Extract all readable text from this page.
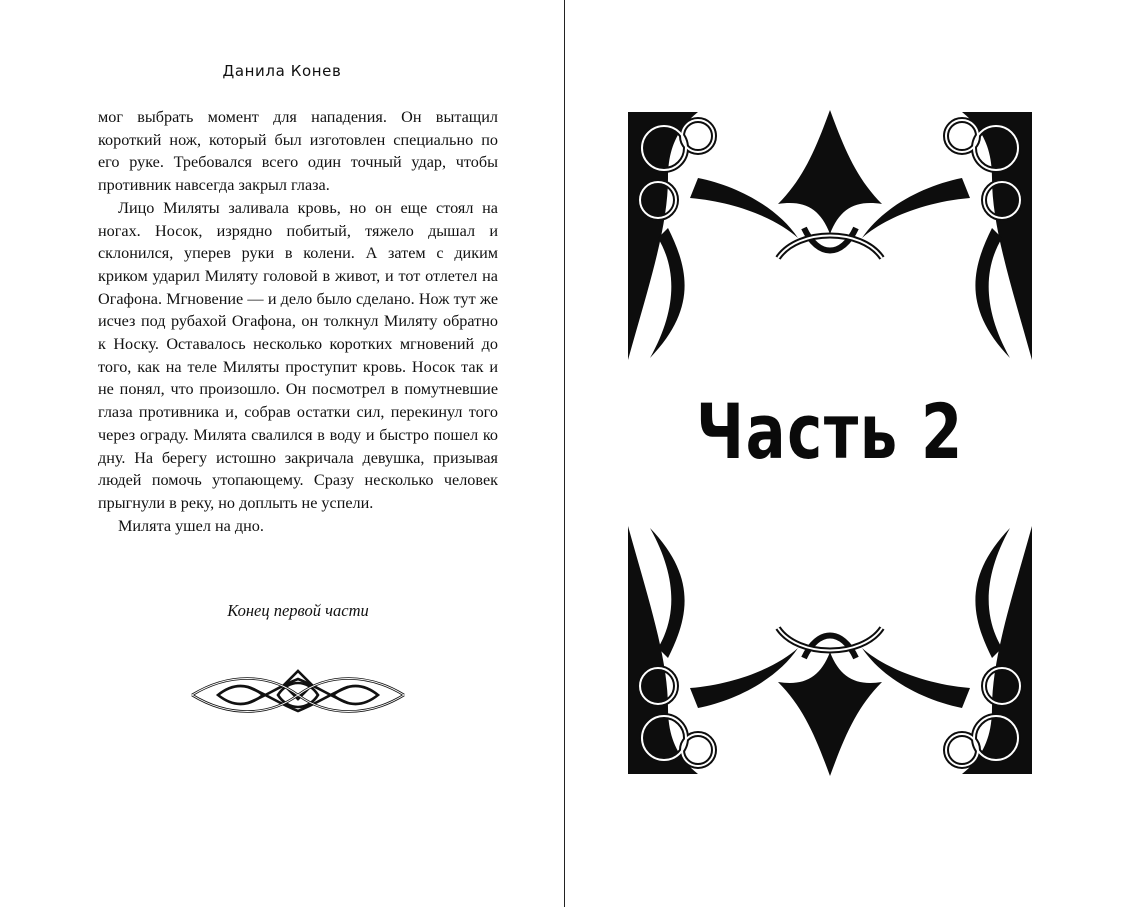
Данила Конев

мог выбрать момент для нападения. Он вытащил короткий нож, который был изготовлен специально по его руке. Требовался всего один точный удар, чтобы противник навсегда закрыл глаза.

Лицо Миляты заливала кровь, но он еще стоял на ногах. Носок, изрядно побитый, тяжело дышал и склонился, уперев руки в колени. А затем с диким криком ударил Миляту головой в живот, и тот отлетел на Огафона. Мгновение — и дело было сделано. Нож тут же исчез под рубахой Огафона, он толкнул Миляту обратно к Носку. Оставалось несколько коротких мгновений до того, как на теле Миляты проступит кровь. Носок так и не понял, что произошло. Он посмотрел в помутневшие глаза противника и, собрав остатки сил, перекинул того через ограду. Милята свалился в воду и быстро пошел ко дну. На берегу истошно закричала девушка, призывая людей помочь утопающему. Сразу несколько человек прыгнули в реку, но доплыть не успели.

Милята ушел на дно.

Конец первой части
Часть 2
